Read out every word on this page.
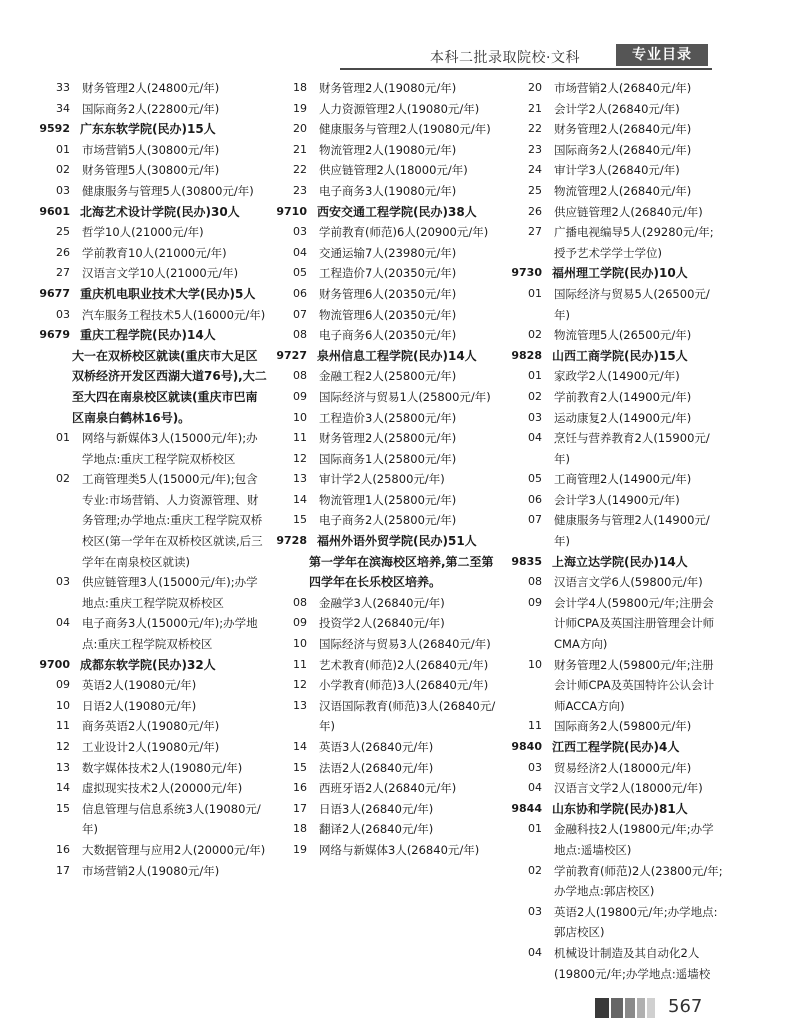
本科二批录取院校·文科	专业目录
33	财务管理2人(24800元/年)
34	国际商务2人(22800元/年)
9592 广东东软学院(民办)15人
01	市场营销5人(30800元/年)
02	财务管理5人(30800元/年)
03	健康服务与管理5人(30800元/年)
9601 北海艺术设计学院(民办)30人
25	哲学10人(21000元/年)
26	学前教育10人(21000元/年)
27	汉语言文学10人(21000元/年)
9677 重庆机电职业技术大学(民办)5人
03	汽车服务工程技术5人(16000元/年)
9679 重庆工程学院(民办)14人
大一在双桥校区就读(重庆市大足区双桥经济开发区西湖大道76号),大二至大四在南泉校区就读(重庆市巴南区南泉白鹤林16号)。
01	网络与新媒体3人(15000元/年);办学地点:重庆工程学院双桥校区
02	工商管理类5人(15000元/年);包含专业:市场营销、人力资源管理、财务管理;办学地点:重庆工程学院双桥校区(第一学年在双桥校区就读,后三学年在南泉校区就读)
03	供应链管理3人(15000元/年);办学地点:重庆工程学院双桥校区
04	电子商务3人(15000元/年);办学地点:重庆工程学院双桥校区
9700 成都东软学院(民办)32人
09	英语2人(19080元/年)
10	日语2人(19080元/年)
11	商务英语2人(19080元/年)
12	工业设计2人(19080元/年)
13	数字媒体技术2人(19080元/年)
14	虚拟现实技术2人(20000元/年)
15	信息管理与信息系统3人(19080元/年)
16	大数据管理与应用2人(20000元/年)
17	市场营销2人(19080元/年)
18	财务管理2人(19080元/年)
19	人力资源管理2人(19080元/年)
20	健康服务与管理2人(19080元/年)
21	物流管理2人(19080元/年)
22	供应链管理2人(18000元/年)
23	电子商务3人(19080元/年)
9710 西安交通工程学院(民办)38人
03	学前教育(师范)6人(20900元/年)
04	交通运输7人(23980元/年)
05	工程造价7人(20350元/年)
06	财务管理6人(20350元/年)
07	物流管理6人(20350元/年)
08	电子商务6人(20350元/年)
9727 泉州信息工程学院(民办)14人
08	金融工程2人(25800元/年)
09	国际经济与贸易1人(25800元/年)
10	工程造价3人(25800元/年)
11	财务管理2人(25800元/年)
12	国际商务1人(25800元/年)
13	审计学2人(25800元/年)
14	物流管理1人(25800元/年)
15	电子商务2人(25800元/年)
9728 福州外语外贸学院(民办)51人
第一学年在滨海校区培养,第二至第四学年在长乐校区培养。
08	金融学3人(26840元/年)
09	投资学2人(26840元/年)
10	国际经济与贸易3人(26840元/年)
11	艺术教育(师范)2人(26840元/年)
12	小学教育(师范)3人(26840元/年)
13	汉语国际教育(师范)3人(26840元/年)
14	英语3人(26840元/年)
15	法语2人(26840元/年)
16	西班牙语2人(26840元/年)
17	日语3人(26840元/年)
18	翻译2人(26840元/年)
19	网络与新媒体3人(26840元/年)
20	市场营销2人(26840元/年)
21	会计学2人(26840元/年)
22	财务管理2人(26840元/年)
23	国际商务2人(26840元/年)
24	审计学3人(26840元/年)
25	物流管理2人(26840元/年)
26	供应链管理2人(26840元/年)
27	广播电视编导5人(29280元/年;授予艺术学学士学位)
9730 福州理工学院(民办)10人
01	国际经济与贸易5人(26500元/年)
02	物流管理5人(26500元/年)
9828 山西工商学院(民办)15人
01	家政学2人(14900元/年)
02	学前教育2人(14900元/年)
03	运动康复2人(14900元/年)
04	烹饪与营养教育2人(15900元/年)
05	工商管理2人(14900元/年)
06	会计学3人(14900元/年)
07	健康服务与管理2人(14900元/年)
9835 上海立达学院(民办)14人
08	汉语言文学6人(59800元/年)
09	会计学4人(59800元/年;注册会计师CPA及英国注册管理会计师CMA方向)
10	财务管理2人(59800元/年;注册会计师CPA及英国特许公认会计师ACCA方向)
11	国际商务2人(59800元/年)
9840 江西工程学院(民办)4人
03	贸易经济2人(18000元/年)
04	汉语言文学2人(18000元/年)
9844 山东协和学院(民办)81人
01	金融科技2人(19800元/年;办学地点:遥墙校区)
02	学前教育(师范)2人(23800元/年;办学地点:郭店校区)
03	英语2人(19800元/年;办学地点:郭店校区)
04	机械设计制造及其自动化2人(19800元/年;办学地点:遥墙校
567
